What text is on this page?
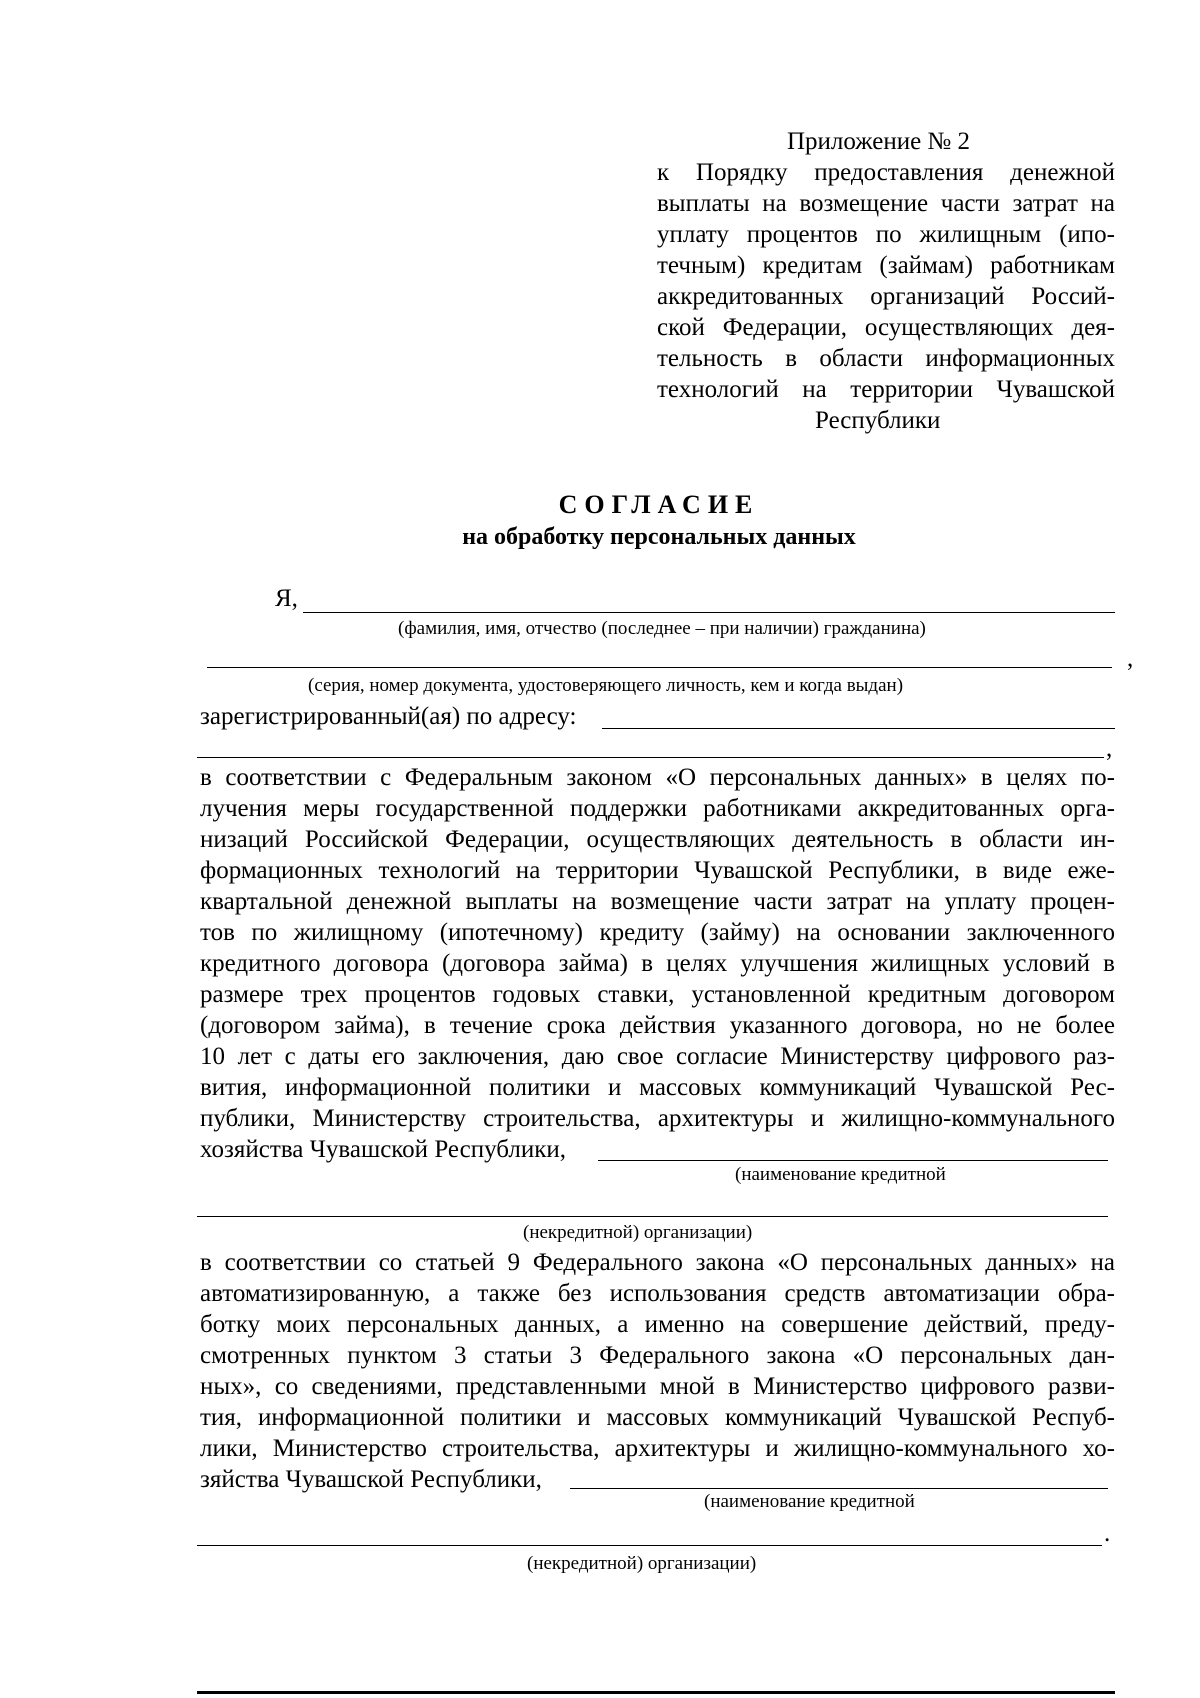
Приложение № 2
к Порядку предоставления денежной
выплаты на возмещение части затрат на
уплату процентов по жилищным (ипо-
течным) кредитам (займам) работникам
аккредитованных организаций Россий-
ской Федерации, осуществляющих дея-
тельность в области информационных
технологий на территории Чувашской
Республики
СОГЛАСИЕ
на обработку персональных данных
Я,
(фамилия, имя, отчество (последнее – при наличии) гражданина)
,
(серия, номер документа, удостоверяющего личность, кем и когда выдан)
зарегистрированный(ая) по адресу:
,
в соответствии с Федеральным законом «О персональных данных» в целях по-
лучения меры государственной поддержки работниками аккредитованных орга-
низаций Российской Федерации, осуществляющих деятельность в области ин-
формационных технологий на территории Чувашской Республики, в виде еже-
квартальной денежной выплаты на возмещение части затрат на уплату процен-
тов по жилищному (ипотечному) кредиту (займу) на основании заключенного
кредитного договора (договора займа) в целях улучшения жилищных условий в
размере трех процентов годовых ставки, установленной кредитным договором
(договором займа), в течение срока действия указанного договора, но не более
10 лет с даты его заключения, даю свое согласие Министерству цифрового раз-
вития, информационной политики и массовых коммуникаций Чувашской Рес-
публики, Министерству строительства, архитектуры и жилищно-коммунального
хозяйства Чувашской Республики,
(наименование кредитной
(некредитной) организации)
в соответствии со статьей 9 Федерального закона «О персональных данных» на
автоматизированную, а также без использования средств автоматизации обра-
ботку моих персональных данных, а именно на совершение действий, преду-
смотренных пунктом 3 статьи 3 Федерального закона «О персональных дан-
ных», со сведениями, представленными мной в Министерство цифрового разви-
тия, информационной политики и массовых коммуникаций Чувашской Респуб-
лики, Министерство строительства, архитектуры и жилищно-коммунального хо-
зяйства Чувашской Республики,
(наименование кредитной
.
(некредитной) организации)
